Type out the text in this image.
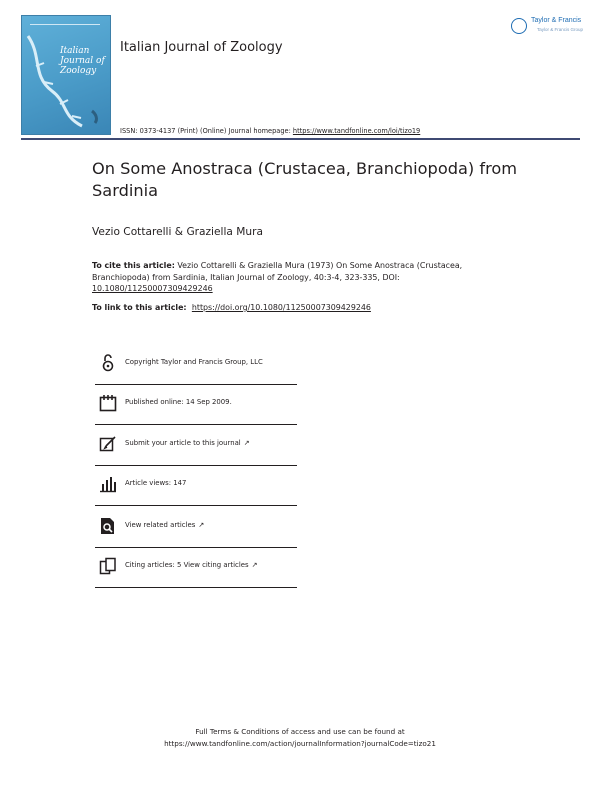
Italian
Journal of
Zoology
Italian Journal of Zoology
Taylor & Francis
Taylor & Francis Group
ISSN: 0373-4137 (Print) (Online) Journal homepage: https://www.tandfonline.com/loi/tizo19
On Some Anostraca (Crustacea, Branchiopoda) from Sardinia
Vezio Cottarelli & Graziella Mura
To cite this article: Vezio Cottarelli & Graziella Mura (1973) On Some Anostraca (Crustacea, Branchiopoda) from Sardinia, Italian Journal of Zoology, 40:3-4, 323-335, DOI: 10.1080/11250007309429246
To link to this article:  https://doi.org/10.1080/11250007309429246
Copyright Taylor and Francis Group, LLC
Published online: 14 Sep 2009.
Submit your article to this journal ↗
Article views: 147
View related articles ↗
Citing articles: 5 View citing articles ↗
Full Terms & Conditions of access and use can be found at
https://www.tandfonline.com/action/journalInformation?journalCode=tizo21
